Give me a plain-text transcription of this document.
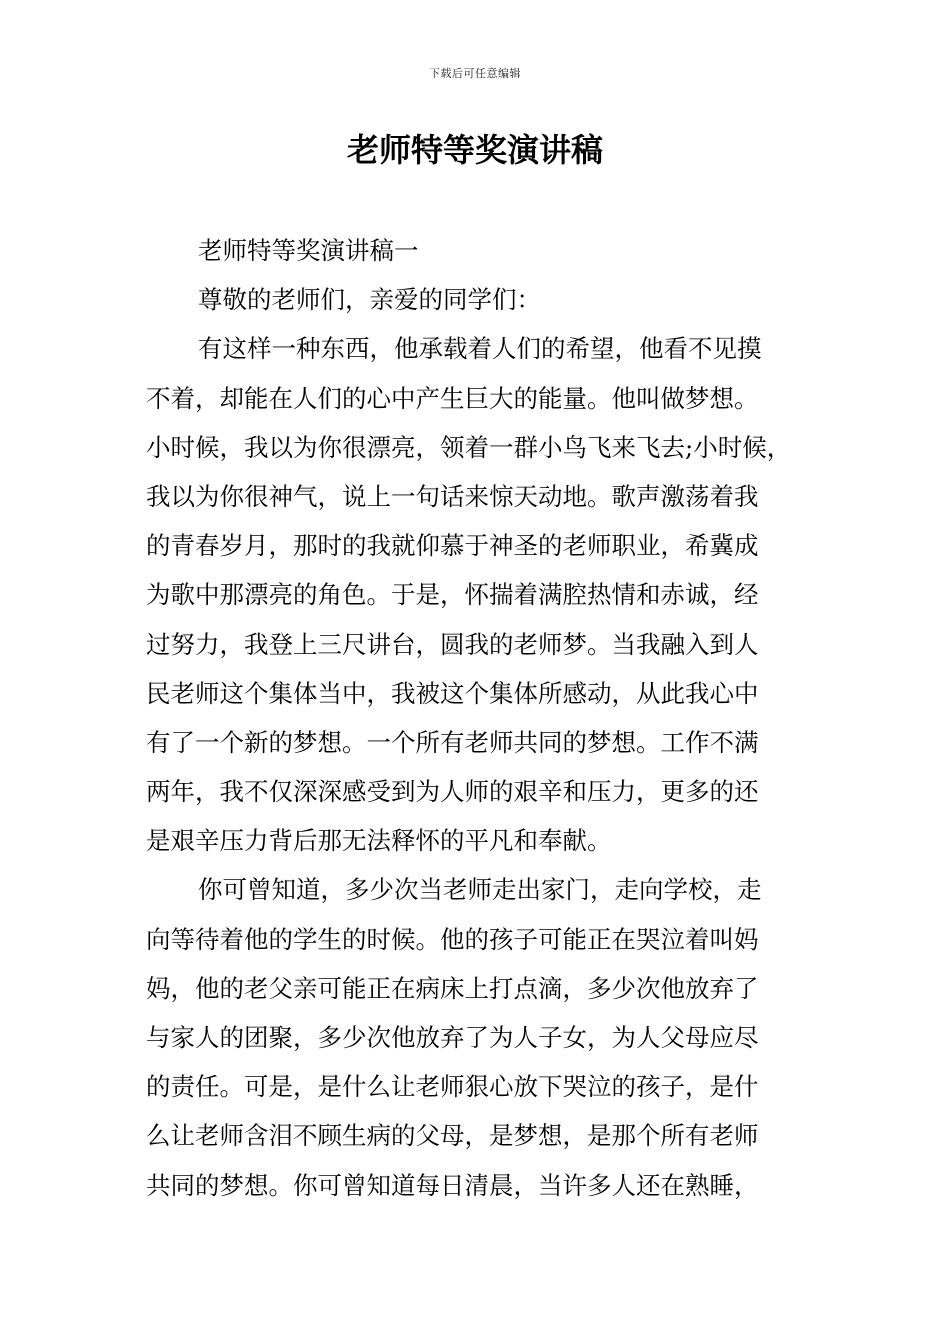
下载后可任意编辑
老师特等奖演讲稿
老师特等奖演讲稿一
尊敬的老师们，亲爱的同学们：
有这样一种东西，他承载着人们的希望，他看不见摸
不着，却能在人们的心中产生巨大的能量。他叫做梦想。
小时候，我以为你很漂亮，领着一群小鸟飞来飞去;小时候，
我以为你很神气，说上一句话来惊天动地。歌声激荡着我
的青春岁月，那时的我就仰慕于神圣的老师职业，希冀成
为歌中那漂亮的角色。于是，怀揣着满腔热情和赤诚，经
过努力，我登上三尺讲台，圆我的老师梦。当我融入到人
民老师这个集体当中，我被这个集体所感动，从此我心中
有了一个新的梦想。一个所有老师共同的梦想。工作不满
两年，我不仅深深感受到为人师的艰辛和压力，更多的还
是艰辛压力背后那无法释怀的平凡和奉献。
你可曾知道，多少次当老师走出家门，走向学校，走
向等待着他的学生的时候。他的孩子可能正在哭泣着叫妈
妈，他的老父亲可能正在病床上打点滴，多少次他放弃了
与家人的团聚，多少次他放弃了为人子女，为人父母应尽
的责任。可是，是什么让老师狠心放下哭泣的孩子，是什
么让老师含泪不顾生病的父母，是梦想，是那个所有老师
共同的梦想。你可曾知道每日清晨，当许多人还在熟睡，
